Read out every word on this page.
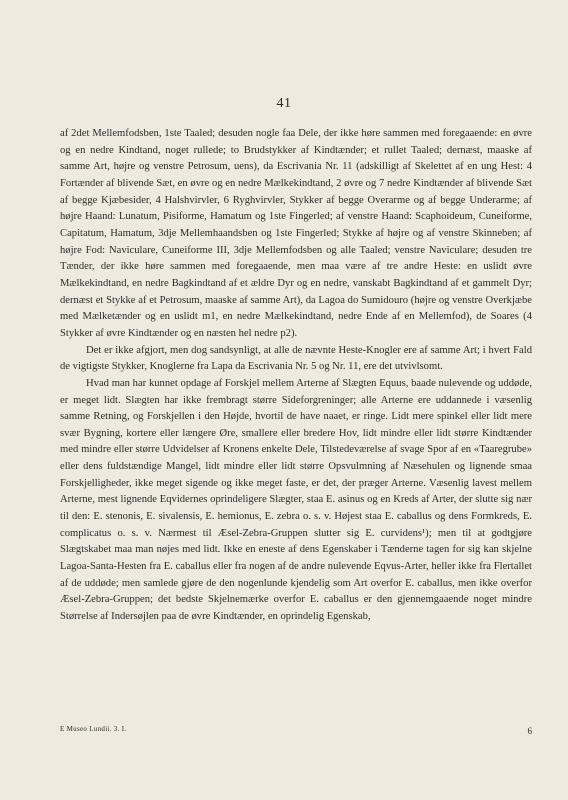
41

af 2det Mellemfodsben, 1ste Taaled; desuden nogle faa Dele, der ikke høre sammen med foregaaende: en øvre og en nedre Kindtand, noget rullede; to Brudstykker af Kindtænder; et rullet Taaled; dernæst, maaske af samme Art, højre og venstre Petrosum, uens), da Escrivania Nr. 11 (adskilligt af Skelettet af en ung Hest: 4 Fortænder af blivende Sæt, en øvre og en nedre Mælkekindtand, 2 øvre og 7 nedre Kindtænder af blivende Sæt af begge Kjæbesider, 4 Halshvirvler, 6 Ryghvirvler, Stykker af begge Overarme og af begge Underarme; af højre Haand: Lunatum, Pisiforme, Hamatum og 1ste Fingerled; af venstre Haand: Scaphoideum, Cuneiforme, Capitatum, Hamatum, 3dje Mellemhaandsben og 1ste Fingerled; Stykke af højre og af venstre Skinneben; af højre Fod: Naviculare, Cuneiforme III, 3dje Mellemfodsben og alle Taaled; venstre Naviculare; desuden tre Tænder, der ikke høre sammen med foregaaende, men maa være af tre andre Heste: en uslidt øvre Mælkekindtand, en nedre Bagkindtand af et ældre Dyr og en nedre, vanskabt Bagkindtand af et gammelt Dyr; dernæst et Stykke af et Petrosum, maaske af samme Art), da Lagoa do Sumidouro (højre og venstre Overkjæbe med Mælketænder og en uslidt m1, en nedre Mælkekindtand, nedre Ende af en Mellemfod), de Soares (4 Stykker af øvre Kindtænder og en næsten hel nedre p2).

Det er ikke afgjort, men dog sandsynligt, at alle de nævnte Heste-Knogler ere af samme Art; i hvert Fald de vigtigste Stykker, Knoglerne fra Lapa da Escrivania Nr. 5 og Nr. 11, ere det utvivlsomt.

Hvad man har kunnet opdage af Forskjel mellem Arterne af Slægten Equus, baade nulevende og uddøde, er meget lidt. Slægten har ikke frembragt større Sideforgreninger; alle Arterne ere uddannede i væsenlig samme Retning, og Forskjellen i den Højde, hvortil de have naaet, er ringe. Lidt mere spinkel eller lidt mere svær Bygning, kortere eller længere Øre, smallere eller bredere Hov, lidt mindre eller lidt større Kindtænder med mindre eller større Udvidelser af Kronens enkelte Dele, Tilstedeværelse af svage Spor af en «Taaregrube» eller dens fuldstændige Mangel, lidt mindre eller lidt større Opsvulmning af Næsehulen og lignende smaa Forskjelligheder, ikke meget sigende og ikke meget faste, er det, der præger Arterne. Væsenlig lavest mellem Arterne, mest lignende Eqvidernes oprindeligere Slægter, staa E. asinus og en Kreds af Arter, der slutte sig nær til den: E. stenonis, E. sivalensis, E. hemionus, E. zebra o. s. v. Højest staa E. caballus og dens Formkreds, E. complicatus o. s. v. Nærmest til Æsel-Zebra-Gruppen slutter sig E. curvidens¹); men til at godtgjøre Slægtskabet maa man nøjes med lidt. Ikke en eneste af dens Egenskaber i Tænderne tagen for sig kan skjelne Lagoa-Santa-Hesten fra E. caballus eller fra nogen af de andre nulevende Eqvus-Arter, heller ikke fra Flertallet af de uddøde; men samlede gjøre de den nogenlunde kjendelig som Art overfor E. caballus, men ikke overfor Æsel-Zebra-Gruppen; det bedste Skjelnemærke overfor E. caballus er den gjennemgaaende noget mindre Størrelse af Indersøjlen paa de øvre Kindtænder, en oprindelig Egenskab,

E Museo Lundii. 3. I.	6
